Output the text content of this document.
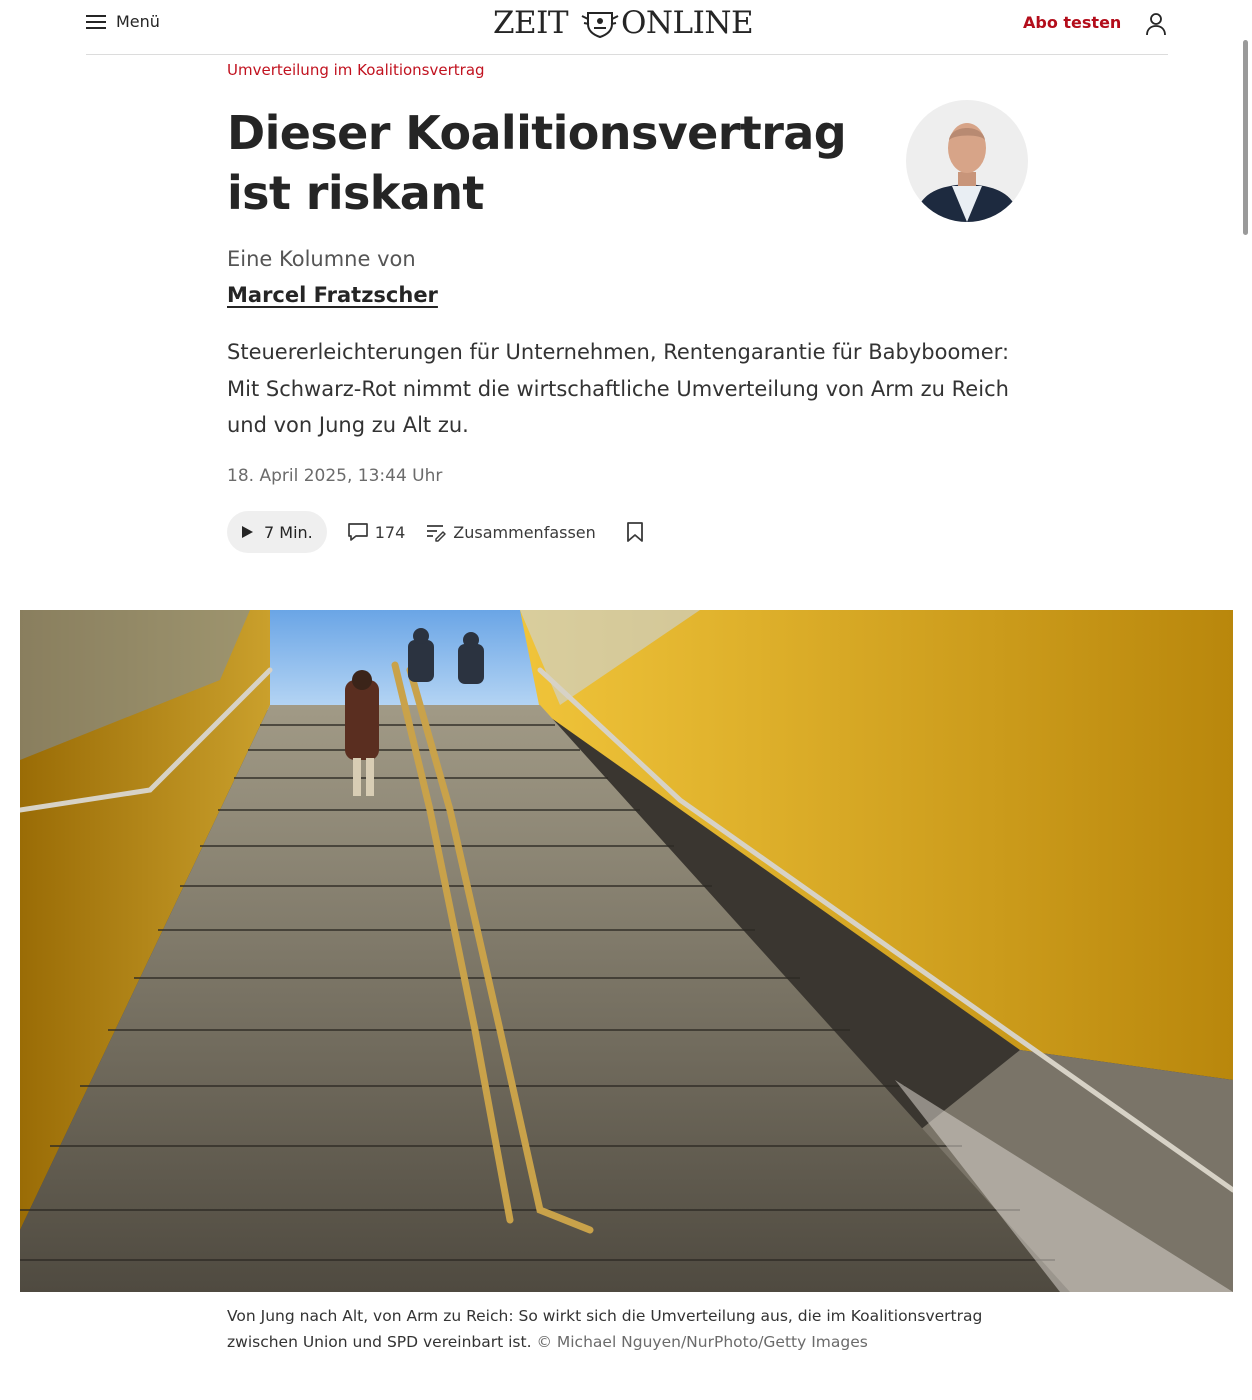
Menü	ZEIT ONLINE	Abo testen
Umverteilung im Koalitionsvertrag
Dieser Koalitionsvertrag ist riskant
Eine Kolumne von
Marcel Fratzscher

Steuererleichterungen für Unternehmen, Rentengarantie für Babyboomer: Mit Schwarz-Rot nimmt die wirtschaftliche Umverteilung von Arm zu Reich und von Jung zu Alt zu.

18. April 2025, 13:44 Uhr
7 Min.	174	Zusammenfassen

Von Jung nach Alt, von Arm zu Reich: So wirkt sich die Umverteilung aus, die im Koalitionsvertrag zwischen Union und SPD vereinbart ist. © Michael Nguyen/NurPhoto/Getty Images
